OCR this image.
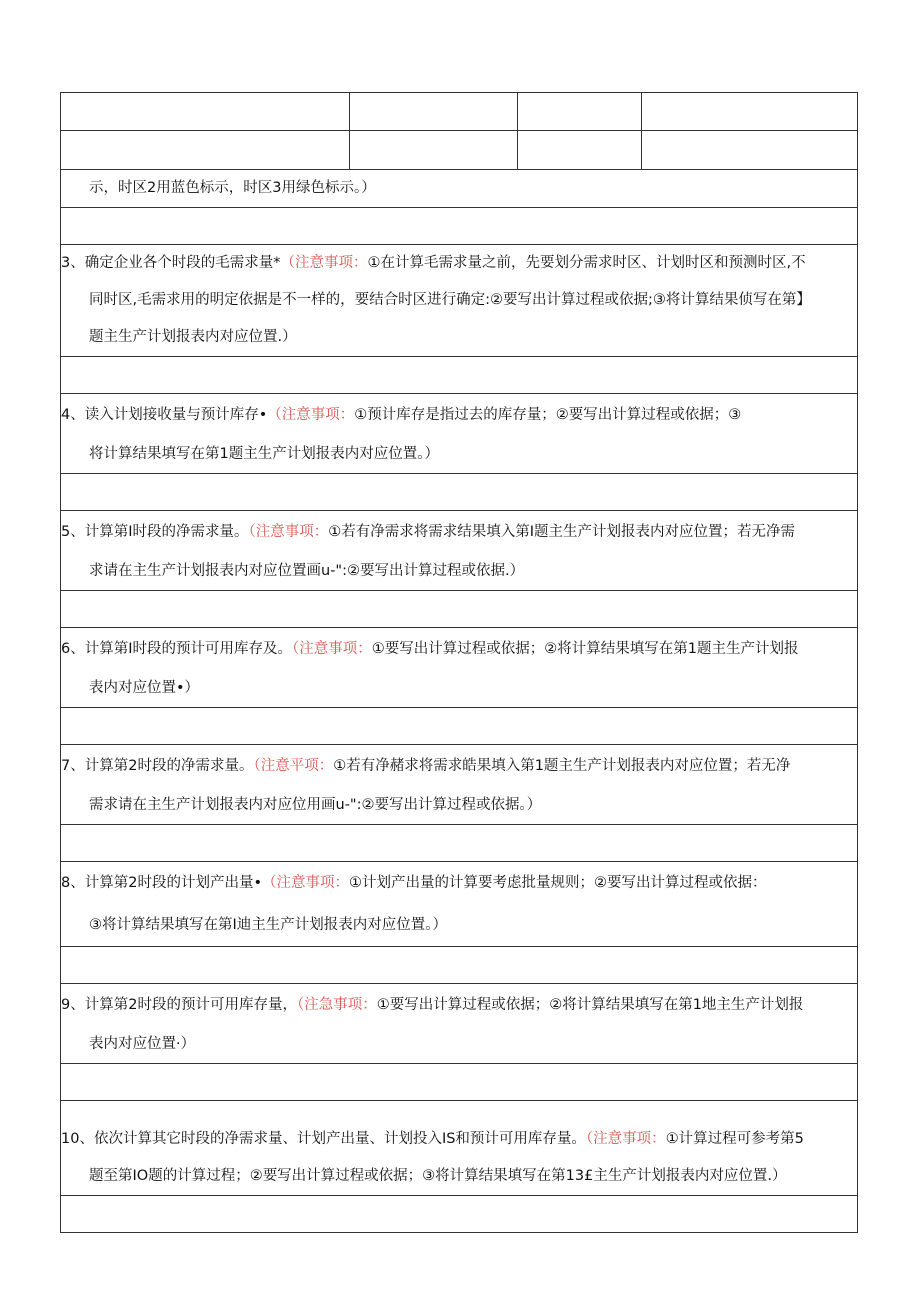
示，时区2用蓝色标示，时区3用绿色标示。）
3、确定企业各个时段的毛需求量*（注意事项：①在计算毛需求量之前，先要划分需求时区、计划时区和预测时区,不
同时区,毛需求用的明定依据是不一样的，要结合时区进行确定:②要写出计算过程或依据;③将计算结果侦写在第】
题主生产计划报表内对应位置.）
4、读入计划接收量与预计库存•（注意事项：①预计库存是指过去的库存量；②要写出计算过程或依据；③
将计算结果填写在第1题主生产计划报表内对应位置。）
5、计算第I时段的净需求量。（注意事项：①若有净需求将需求结果填入第I题主生产计划报表内对应位置；若无净需
求请在主生产计划报表内对应位置画u-":②要写出计算过程或依据.）
6、计算第I时段的预计可用库存及。（注意事项：①要写出计算过程或依据；②将计算结果填写在第1题主生产计划报
表内对应位置•）
7、计算第2时段的净需求量。（注意平项：①若有净赭求将需求皓果填入第1题主生产计划报表内对应位置；若无净
需求请在主生产计划报表内对应位用画u-":②要写出计算过程或依据。）
8、计算第2时段的计划产出量•（注意事项：①计划产出量的计算要考虑批量规则；②要写出计算过程或依据：
③将计算结果填写在第I迪主生产计划报表内对应位置。）
9、计算第2时段的预计可用库存量，（注急事项：①要写出计算过程或依据；②将计算结果填写在第1地主生产计划报
表内对应位置·）
10、依次计算其它时段的净需求量、计划产出量、计划投入IS和预计可用库存量。（注意事项：①计算过程可参考第5
题至第IO题的计算过程；②要写出计算过程或依据；③将计算结果填写在第13£主生产计划报表内对应位置.）
